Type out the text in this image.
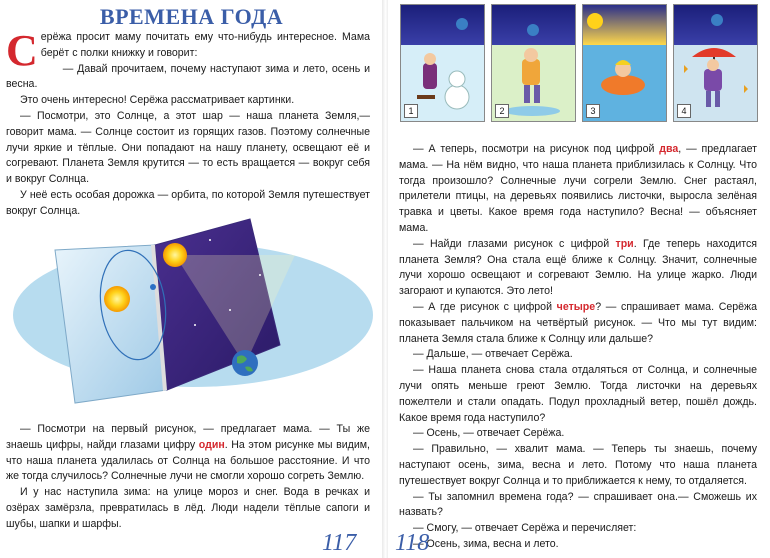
ВРЕМЕНА ГОДА
С ерёжа просит маму почитать ему что-нибудь интересное. Мама берёт с полки книжку и говорит:

— Давай прочитаем, почему наступают зима и лето, осень и весна.

Это очень интересно! Серёжа рассматривает картинки.

— Посмотри, это Солнце, а этот шар — наша планета Земля,— говорит мама. — Солнце состоит из горящих газов. Поэтому солнечные лучи яркие и тёплые. Они попадают на нашу планету, освещают её и согревают. Планета Земля крутится — то есть вращается — вокруг себя и вокруг Солнца.

У неё есть особая дорожка — орбита, по которой Земля путешествует вокруг Солнца.

— Посмотри на первый рисунок, — предлагает мама. — Ты же знаешь цифры, найди глазами цифру один. На этом рисунке мы видим, что наша планета удалилась от Солнца на большое расстояние. И что же тогда случилось? Солнечные лучи не смогли хорошо согреть Землю.

И у нас наступила зима: на улице мороз и снег. Вода в речках и озёрах замёрзла, превратилась в лёд. Люди надели тёплые сапоги и шубы, шапки и шарфы.

117
1	2	3	4

— А теперь, посмотри на рисунок под цифрой два, — предлагает мама. — На нём видно, что наша планета приблизилась к Солнцу. Что тогда произошло? Солнечные лучи согрели Землю. Снег растаял, прилетели птицы, на деревьях появились листочки, выросла зелёная травка и цветы. Какое время года наступило? Весна! — объясняет мама.

— Найди глазами рисунок с цифрой три. Где теперь находится планета Земля? Она стала ещё ближе к Солнцу. Значит, солнечные лучи хорошо освещают и согревают Землю. На улице жарко. Люди загорают и купаются. Это лето!

— А где рисунок с цифрой четыре? — спрашивает мама. Серёжа показывает пальчиком на четвёртый рисунок. — Что мы тут видим: планета Земля стала ближе к Солнцу или дальше?

— Дальше, — отвечает Серёжа.

— Наша планета снова стала отдаляться от Солнца, и солнечные лучи опять меньше греют Землю. Тогда листочки на деревьях пожелтели и стали опадать. Подул прохладный ветер, пошёл дождь. Какое время года наступило?

— Осень, — отвечает Серёжа.

— Правильно, — хвалит мама. — Теперь ты знаешь, почему наступают осень, зима, весна и лето. Потому что наша планета путешествует вокруг Солнца и то приближается к нему, то отдаляется.

— Ты запомнил времена года? — спрашивает она.— Сможешь их назвать?

— Смогу, — отвечает Серёжа и перечисляет:

— Осень, зима, весна и лето.

118
